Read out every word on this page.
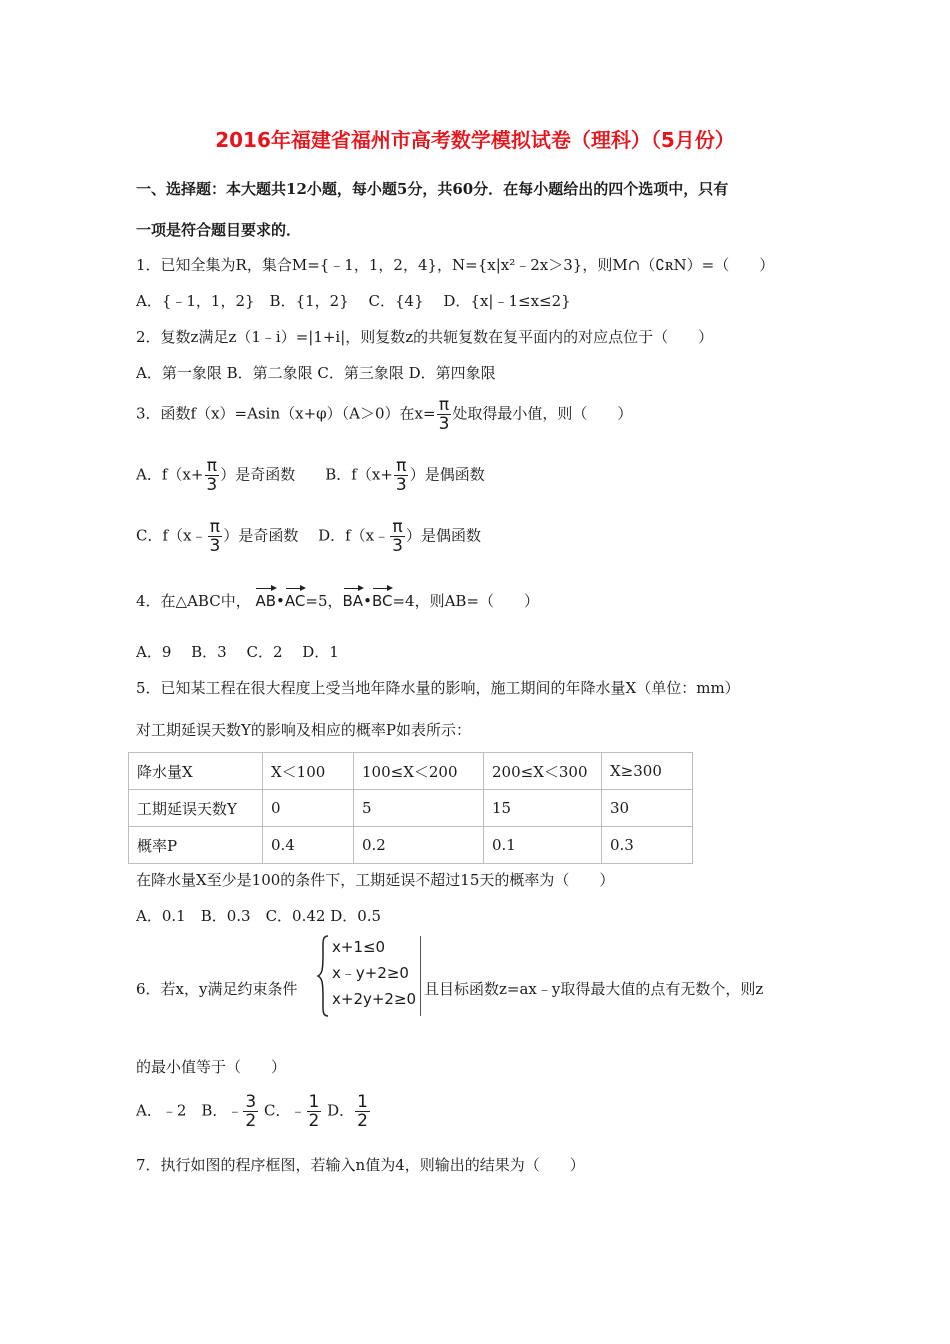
2016年福建省福州市高考数学模拟试卷（理科）（5月份）
一、选择题：本大题共12小题，每小题5分，共60分．在每小题给出的四个选项中，只有
一项是符合题目要求的．
1．已知全集为R，集合M={﹣1，1，2，4}，N={x|x²﹣2x＞3}，则M∩（∁ʀN）=（　　）
A．{﹣1，1，2}　B．{1，2}　 C．{4}　 D．{x|﹣1≤x≤2}
2．复数z满足z（1﹣i）=|1+i|，则复数z的共轭复数在复平面内的对应点位于（　　）
A．第一象限 B．第二象限 C．第三象限 D．第四象限
3．函数f（x）=Asin（x+φ）（A＞0）在$x= \frac{\pi}{3}$ 处取得最小值，则（　　）
A．$f(x+ \frac{\pi}{3}$ ）是奇函数　　B．$f(x+ \frac{\pi}{3}$ ）是偶函数
C．f（x﹣ $\frac{\pi}{3}$ ）是奇函数　 D．f（x﹣ $\frac{\pi}{3}$ ）是偶函数
4．在△ABC中， AB•AC=5，BA•BC=4，则AB=（　　）
A．9　 B．3　 C．2　 D．1
5．已知某工程在很大程度上受当地年降水量的影响，施工期间的年降水量X（单位：mm）
对工期延误天数Y的影响及相应的概率P如表所示：
降水量X	X＜100	100≤X＜200	200≤X＜300	X≥300
工期延误天数Y	0	5	15	30
概率P	0.4	0.2	0.1	0.3
在降水量X至少是100的条件下，工期延误不超过15天的概率为（　　）
A．0.1　B．0.3　C．0.42 D．0.5
6．若x，y满足约束条件
x+1≤0
x﹣y+2≥0
x+2y+2≥0
且目标函数z=ax﹣y取得最大值的点有无数个，则z
的最小值等于（　　）
A．﹣2　B．﹣ $\frac{3}{2}$ C．﹣ $\frac{1}{2}$ D． $\frac{1}{2}$
7．执行如图的程序框图，若输入n值为4，则输出的结果为（　　）
